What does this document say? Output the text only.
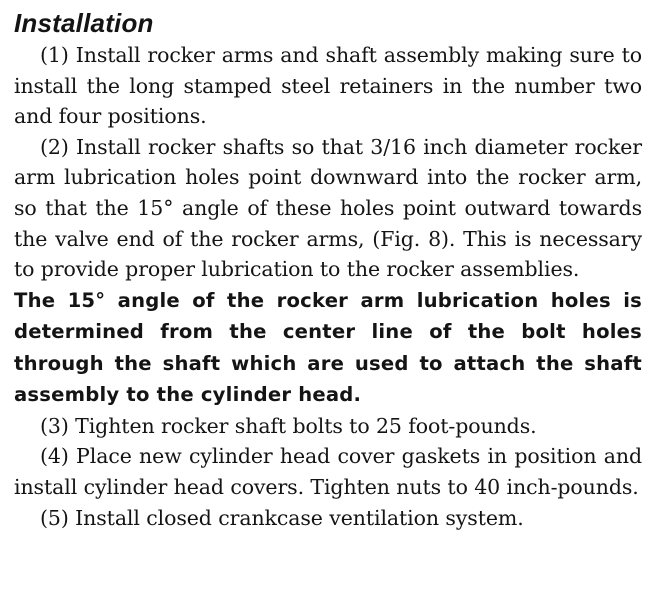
Installation

(1) Install rocker arms and shaft assembly making sure to install the long stamped steel retainers in the number two and four positions.

(2) Install rocker shafts so that 3/16 inch diameter rocker arm lubrication holes point downward into the rocker arm, so that the 15° angle of these holes point outward towards the valve end of the rocker arms, (Fig. 8). This is necessary to provide proper lubrication to the rocker assemblies.

The 15° angle of the rocker arm lubrication holes is determined from the center line of the bolt holes through the shaft which are used to attach the shaft assembly to the cylinder head.

(3) Tighten rocker shaft bolts to 25 foot-pounds.

(4) Place new cylinder head cover gaskets in position and install cylinder head covers. Tighten nuts to 40 inch-pounds.

(5) Install closed crankcase ventilation system.
